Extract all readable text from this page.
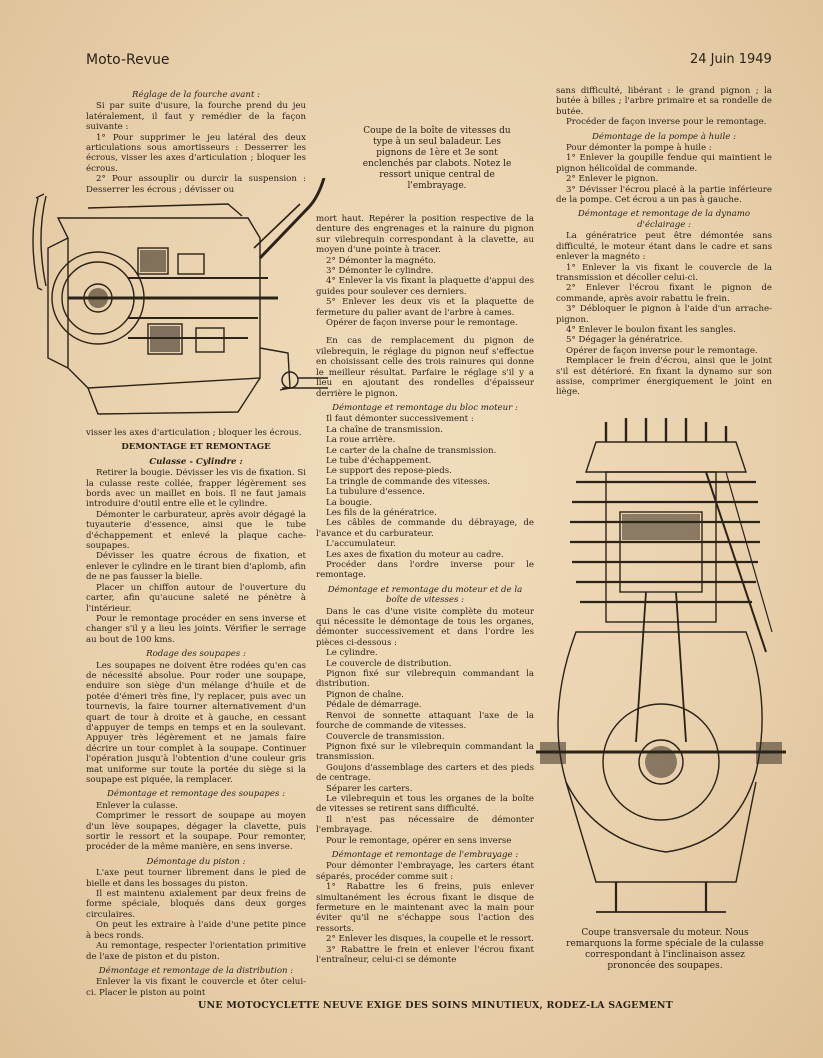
Moto-Revue	24 Juin 1949

Réglage de la fourche avant :

Si par suite d'usure, la fourche prend du jeu latéralement, il faut y remédier de la façon suivante :

1° Pour supprimer le jeu latéral des deux articulations sous amortisseurs : Desserrer les écrous, visser les axes d'articulation ; bloquer les écrous.

2° Pour assouplir ou durcir la suspension : Desserrer les écrous ; dévisser ou

Coupe de la boîte de vitesses du type à un seul baladeur. Les pignons de 1ère et 3e sont enclenchés par clabots. Notez le ressort unique central de l'embrayage.

visser les axes d'articulation ; bloquer les écrous.

DEMONTAGE ET REMONTAGE

Culasse - Cylindre :

Retirer la bougie. Dévisser les vis de fixation. Si la culasse reste collée, frapper légèrement ses bords avec un maillet en bois. Il ne faut jamais introduire d'outil entre elle et le cylindre.

Démonter le carburateur, après avoir dégagé la tuyauterie d'essence, ainsi que le tube d'échappement et enlevé la plaque cache-soupapes.

Dévisser les quatre écrous de fixation, et enlever le cylindre en le tirant bien d'aplomb, afin de ne pas fausser la bielle.

Placer un chiffon autour de l'ouverture du carter, afin qu'aucune saleté ne pénètre à l'intérieur.

Pour le remontage procéder en sens inverse et changer s'il y a lieu les joints. Vérifier le serrage au bout de 100 kms.

Rodage des soupapes :

Les soupapes ne doivent être rodées qu'en cas de nécessité absolue. Pour roder une soupape, enduire son siège d'un mélange d'huile et de potée d'émeri très fine, l'y replacer, puis avec un tournevis, la faire tourner alternativement d'un quart de tour à droite et à gauche, en cessant d'appuyer de temps en temps et en la soulevant. Appuyer très légèrement et ne jamais faire décrire un tour complet à la soupape. Continuer l'opération jusqu'à l'obtention d'une couleur gris mat uniforme sur toute la portée du siège si la soupape est piquée, la remplacer.

Démontage et remontage des soupapes :

Enlever la culasse.

Comprimer le ressort de soupape au moyen d'un lève soupapes, dégager la clavette, puis sortir le ressort et la soupape. Pour remonter, procéder de la même manière, en sens inverse.

Démontage du piston :

L'axe peut tourner librement dans le pied de bielle et dans les bossages du piston.

Il est maintenu axialement par deux freins de forme spéciale, bloqués dans deux gorges circulaires.

On peut les extraire à l'aide d'une petite pince à becs ronds.

Au remontage, respecter l'orientation primitive de l'axe de piston et du piston.

Démontage et remontage de la distribution :

Enlever la vis fixant le couvercle et ôter celui-ci. Placer le piston au point

mort haut. Repérer la position respective de la denture des engrenages et la rainure du pignon sur vilebrequin correspondant à la clavette, au moyen d'une pointe à tracer.

2° Démonter la magnéto.

3° Démonter le cylindre.

4° Enlever la vis fixant la plaquette d'appui des guides pour soulever ces derniers.

5° Enlever les deux vis et la plaquette de fermeture du palier avant de l'arbre à cames.

Opérer de façon inverse pour le remontage.

En cas de remplacement du pignon de vilebrequin, le réglage du pignon neuf s'effectue en choisissant celle des trois rainures qui donne le meilleur résultat. Parfaire le réglage s'il y a lieu en ajoutant des rondelles d'épaisseur derrière le pignon.

Démontage et remontage du bloc moteur :

Il faut démonter successivement :

La chaîne de transmission.

La roue arrière.

Le carter de la chaîne de transmission.

Le tube d'échappement.

Le support des repose-pieds.

La tringle de commande des vitesses.

La tubulure d'essence.

La bougie.

Les fils de la génératrice.

Les câbles de commande du débrayage, de l'avance et du carburateur.

L'accumulateur.

Les axes de fixation du moteur au cadre.

Procéder dans l'ordre inverse pour le remontage.

Démontage et remontage du moteur et de la boîte de vitesses :

Dans le cas d'une visite complète du moteur qui nécessite le démontage de tous les organes, démonter successivement et dans l'ordre les pièces ci-dessous :

Le cylindre.

Le couvercle de distribution.

Pignon fixé sur vilebrequin commandant la distribution.

Pignon de chaîne.

Pédale de démarrage.

Renvoi de sonnette attaquant l'axe de la fourche de commande de vitesses.

Couvercle de transmission.

Pignon fixé sur le vilebrequin commandant la transmission.

Goujons d'assemblage des carters et des pieds de centrage.

Séparer les carters.

Le vilebrequin et tous les organes de la boîte de vitesses se retirent sans difficulté.

Il n'est pas nécessaire de démonter l'embrayage.

Pour le remontage, opérer en sens inverse

Démontage et remontage de l'embrayage :

Pour démonter l'embrayage, les carters étant séparés, procéder comme suit :

1° Rabattre les 6 freins, puis enlever simultanément les écrous fixant le disque de fermeture en le maintenant avec la main pour éviter qu'il ne s'échappe sous l'action des ressorts.

2° Enlever les disques, la coupelle et le ressort.

3° Rabattre le frein et enlever l'écrou fixant l'entraîneur, celui-ci se démonte

sans difficulté, libérant : le grand pignon ; la butée à billes ; l'arbre primaire et sa rondelle de butée.

Procéder de façon inverse pour le remontage.

Démontage de la pompe à huile :

Pour démonter la pompe à huile :

1° Enlever la goupille fendue qui maintient le pignon hélicoïdal de commande.

2° Enlever le pignon.

3° Dévisser l'écrou placé à la partie inférieure de la pompe. Cet écrou a un pas à gauche.

Démontage et remontage de la dynamo d'éclairage :

La génératrice peut être démontée sans difficulté, le moteur étant dans le cadre et sans enlever la magnéto :

1° Enlever la vis fixant le couvercle de la transmission et décoller celui-ci.

2° Enlever l'écrou fixant le pignon de commande, après avoir rabattu le frein.

3° Débloquer le pignon à l'aide d'un arrache-pignon.

4° Enlever le boulon fixant les sangles.

5° Dégager la génératrice.

Opérer de façon inverse pour le remontage.

Remplacer le frein d'écrou, ainsi que le joint s'il est détérioré. En fixant la dynamo sur son assise, comprimer énergiquement le joint en liège.

Coupe transversale du moteur. Nous remarquons la forme spéciale de la culasse correspondant à l'inclinaison assez prononcée des soupapes.
UNE MOTOCYCLETTE NEUVE EXIGE DES SOINS MINUTIEUX, RODEZ-LA SAGEMENT
